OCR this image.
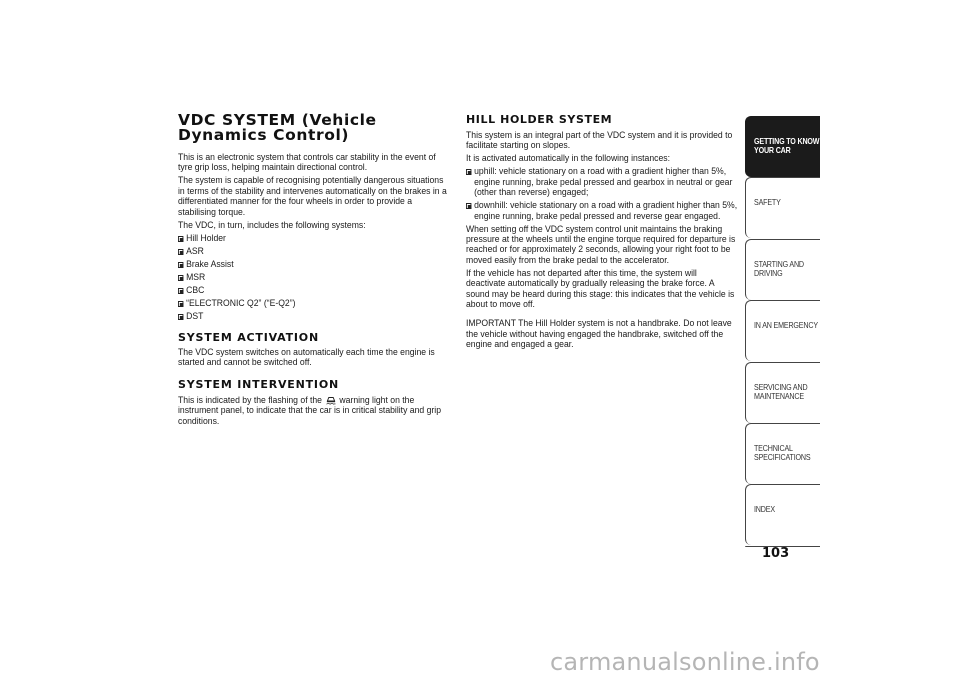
VDC SYSTEM (Vehicle Dynamics Control)

This is an electronic system that controls car stability in the event of tyre grip loss, helping maintain directional control.

The system is capable of recognising potentially dangerous situations in terms of the stability and intervenes automatically on the brakes in a differentiated manner for the four wheels in order to provide a stabilising torque.

The VDC, in turn, includes the following systems:

Hill Holder
ASR
Brake Assist
MSR
CBC
“ELECTRONIC Q2” (“E-Q2”)
DST
SYSTEM ACTIVATION

The VDC system switches on automatically each time the engine is started and cannot be switched off.

SYSTEM INTERVENTION

This is indicated by the flashing of the warning light on the instrument panel, to indicate that the car is in critical stability and grip conditions.

HILL HOLDER SYSTEM

This system is an integral part of the VDC system and it is provided to facilitate starting on slopes.

It is activated automatically in the following instances:

uphill: vehicle stationary on a road with a gradient higher than 5%, engine running, brake pedal pressed and gearbox in neutral or gear (other than reverse) engaged;
downhill: vehicle stationary on a road with a gradient higher than 5%, engine running, brake pedal pressed and reverse gear engaged.

When setting off the VDC system control unit maintains the braking pressure at the wheels until the engine torque required for departure is reached or for approximately 2 seconds, allowing your right foot to be moved easily from the brake pedal to the accelerator.

If the vehicle has not departed after this time, the system will deactivate automatically by gradually releasing the brake force. A sound may be heard during this stage: this indicates that the vehicle is about to move off.

IMPORTANT The Hill Holder system is not a handbrake. Do not leave the vehicle without having engaged the handbrake, switched off the engine and engaged a gear.

GETTING TO KNOW YOUR CAR
SAFETY
STARTING AND DRIVING
IN AN EMERGENCY
SERVICING AND MAINTENANCE
TECHNICAL SPECIFICATIONS
INDEX
103
carmanualsonline.info
